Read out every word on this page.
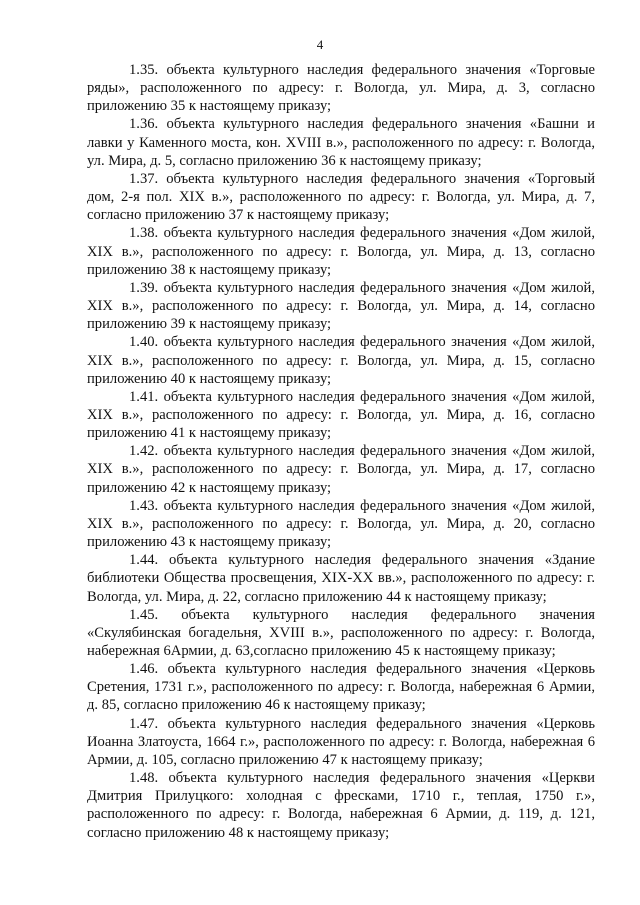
4

1.35. объекта культурного наследия федерального значения «Торговые ряды», расположенного по адресу: г. Вологда, ул. Мира, д. 3, согласно приложению 35 к настоящему приказу;

1.36. объекта культурного наследия федерального значения «Башни и лавки у Каменного моста, кон. XVIII в.», расположенного по адресу: г. Вологда, ул. Мира, д. 5, согласно приложению 36 к настоящему приказу;

1.37. объекта культурного наследия федерального значения «Торговый дом, 2-я пол. XIX в.», расположенного по адресу: г. Вологда, ул. Мира, д. 7, согласно приложению 37 к настоящему приказу;

1.38. объекта культурного наследия федерального значения «Дом жилой, XIX в.», расположенного по адресу: г. Вологда, ул. Мира, д. 13, согласно приложению 38 к настоящему приказу;

1.39. объекта культурного наследия федерального значения «Дом жилой, XIX в.», расположенного по адресу: г. Вологда, ул. Мира, д. 14, согласно приложению 39 к настоящему приказу;

1.40. объекта культурного наследия федерального значения «Дом жилой, XIX в.», расположенного по адресу: г. Вологда, ул. Мира, д. 15, согласно приложению 40 к настоящему приказу;

1.41. объекта культурного наследия федерального значения «Дом жилой, XIX в.», расположенного по адресу: г. Вологда, ул. Мира, д. 16, согласно приложению 41 к настоящему приказу;

1.42. объекта культурного наследия федерального значения «Дом жилой, XIX в.», расположенного по адресу: г. Вологда, ул. Мира, д. 17, согласно приложению 42 к настоящему приказу;

1.43. объекта культурного наследия федерального значения «Дом жилой, XIX в.», расположенного по адресу: г. Вологда, ул. Мира, д. 20, согласно приложению 43 к настоящему приказу;

1.44. объекта культурного наследия федерального значения «Здание библиотеки Общества просвещения, XIX-XX вв.», расположенного по адресу: г. Вологда, ул. Мира, д. 22, согласно приложению 44 к настоящему приказу;

1.45. объекта культурного наследия федерального значения «Скулябинская богадельня, XVIII в.», расположенного по адресу: г. Вологда, набережная 6Армии, д. 63,согласно приложению 45 к настоящему приказу;

1.46. объекта культурного наследия федерального значения «Церковь Сретения, 1731 г.», расположенного по адресу: г. Вологда, набережная 6 Армии, д. 85, согласно приложению 46 к настоящему приказу;

1.47. объекта культурного наследия федерального значения «Церковь Иоанна Златоуста, 1664 г.», расположенного по адресу: г. Вологда, набережная 6 Армии, д. 105, согласно приложению 47 к настоящему приказу;

1.48. объекта культурного наследия федерального значения «Церкви Дмитрия Прилуцкого: холодная с фресками, 1710 г., теплая, 1750 г.», расположенного по адресу: г. Вологда, набережная 6 Армии, д. 119, д. 121, согласно приложению 48 к настоящему приказу;
